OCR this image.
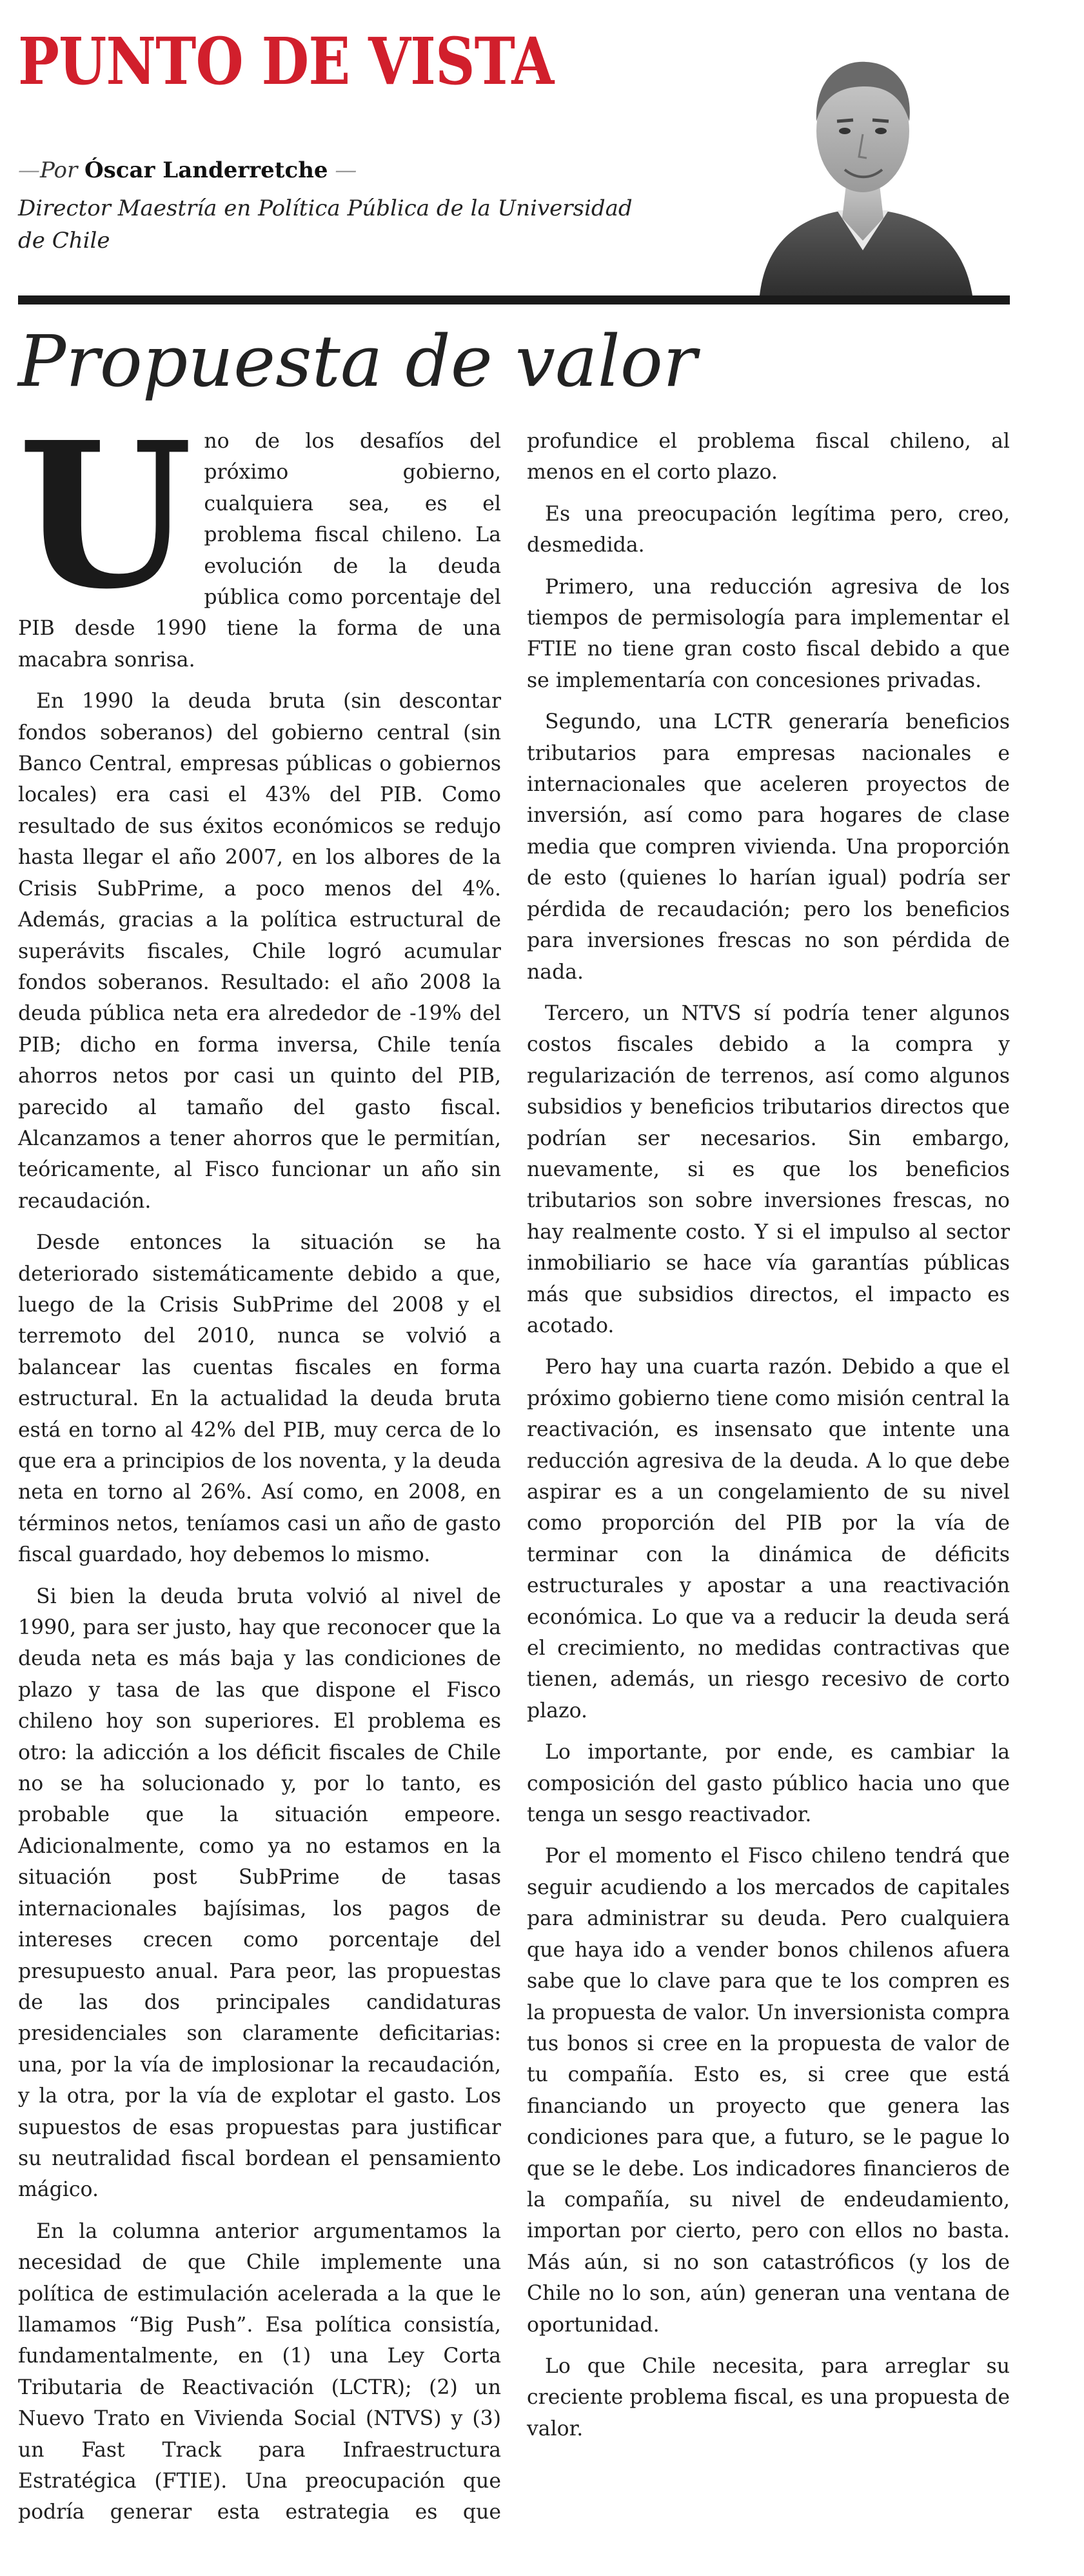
PUNTO DE VISTA
—Por Óscar Landerretche —
Director Maestría en Política Pública de la Universidad de Chile
Propuesta de valor

Uno de los desafíos del próximo gobierno, cualquiera sea, es el problema fiscal chileno. La evolución de la deuda pública como porcentaje del PIB desde 1990 tiene la forma de una macabra sonrisa.

En 1990 la deuda bruta (sin descontar fondos soberanos) del gobierno central (sin Banco Central, empresas públicas o gobiernos locales) era casi el 43% del PIB. Como resultado de sus éxitos económicos se redujo hasta llegar el año 2007, en los albores de la Crisis SubPrime, a poco menos del 4%. Además, gracias a la política estructural de superávits fiscales, Chile logró acumular fondos soberanos. Resultado: el año 2008 la deuda pública neta era alrededor de -19% del PIB; dicho en forma inversa, Chile tenía ahorros netos por casi un quinto del PIB, parecido al tamaño del gasto fiscal. Alcanzamos a tener ahorros que le permitían, teóricamente, al Fisco funcionar un año sin recaudación.

Desde entonces la situación se ha deteriorado sistemáticamente debido a que, luego de la Crisis SubPrime del 2008 y el terremoto del 2010, nunca se volvió a balancear las cuentas fiscales en forma estructural. En la actualidad la deuda bruta está en torno al 42% del PIB, muy cerca de lo que era a principios de los noventa, y la deuda neta en torno al 26%. Así como, en 2008, en términos netos, teníamos casi un año de gasto fiscal guardado, hoy debemos lo mismo.

Si bien la deuda bruta volvió al nivel de 1990, para ser justo, hay que reconocer que la deuda neta es más baja y las condiciones de plazo y tasa de las que dispone el Fisco chileno hoy son superiores. El problema es otro: la adicción a los déficit fiscales de Chile no se ha solucionado y, por lo tanto, es probable que la situación empeore. Adicionalmente, como ya no estamos en la situación post SubPrime de tasas internacionales bajísimas, los pagos de intereses crecen como porcentaje del presupuesto anual. Para peor, las propuestas de las dos principales candidaturas presidenciales son claramente deficitarias: una, por la vía de implosionar la recaudación, y la otra, por la vía de explotar el gasto. Los supuestos de esas propuestas para justificar su neutralidad fiscal bordean el pensamiento mágico.

En la columna anterior argumentamos la necesidad de que Chile implemente una política de estimulación acelerada a la que le llamamos “Big Push”. Esa política consistía, fundamentalmente, en (1) una Ley Corta Tributaria de Reactivación (LCTR); (2) un Nuevo Trato en Vivienda Social (NTVS) y (3) un Fast Track para Infraestructura Estratégica (FTIE). Una preocupación que podría generar esta estrategia es que profundice el problema fiscal chileno, al menos en el corto plazo.

Es una preocupación legítima pero, creo, desmedida.

Primero, una reducción agresiva de los tiempos de permisología para implementar el FTIE no tiene gran costo fiscal debido a que se implementaría con concesiones privadas.

Segundo, una LCTR generaría beneficios tributarios para empresas nacionales e internacionales que aceleren proyectos de inversión, así como para hogares de clase media que compren vivienda. Una proporción de esto (quienes lo harían igual) podría ser pérdida de recaudación; pero los beneficios para inversiones frescas no son pérdida de nada.

Tercero, un NTVS sí podría tener algunos costos fiscales debido a la compra y regularización de terrenos, así como algunos subsidios y beneficios tributarios directos que podrían ser necesarios. Sin embargo, nuevamente, si es que los beneficios tributarios son sobre inversiones frescas, no hay realmente costo. Y si el impulso al sector inmobiliario se hace vía garantías públicas más que subsidios directos, el impacto es acotado.

Pero hay una cuarta razón. Debido a que el próximo gobierno tiene como misión central la reactivación, es insensato que intente una reducción agresiva de la deuda. A lo que debe aspirar es a un congelamiento de su nivel como proporción del PIB por la vía de terminar con la dinámica de déficits estructurales y apostar a una reactivación económica. Lo que va a reducir la deuda será el crecimiento, no medidas contractivas que tienen, además, un riesgo recesivo de corto plazo.

Lo importante, por ende, es cambiar la composición del gasto público hacia uno que tenga un sesgo reactivador.

Por el momento el Fisco chileno tendrá que seguir acudiendo a los mercados de capitales para administrar su deuda. Pero cualquiera que haya ido a vender bonos chilenos afuera sabe que lo clave para que te los compren es la propuesta de valor. Un inversionista compra tus bonos si cree en la propuesta de valor de tu compañía. Esto es, si cree que está financiando un proyecto que genera las condiciones para que, a futuro, se le pague lo que se le debe. Los indicadores financieros de la compañía, su nivel de endeudamiento, importan por cierto, pero con ellos no basta. Más aún, si no son catastróficos (y los de Chile no lo son, aún) generan una ventana de oportunidad.

Lo que Chile necesita, para arreglar su creciente problema fiscal, es una propuesta de valor.
